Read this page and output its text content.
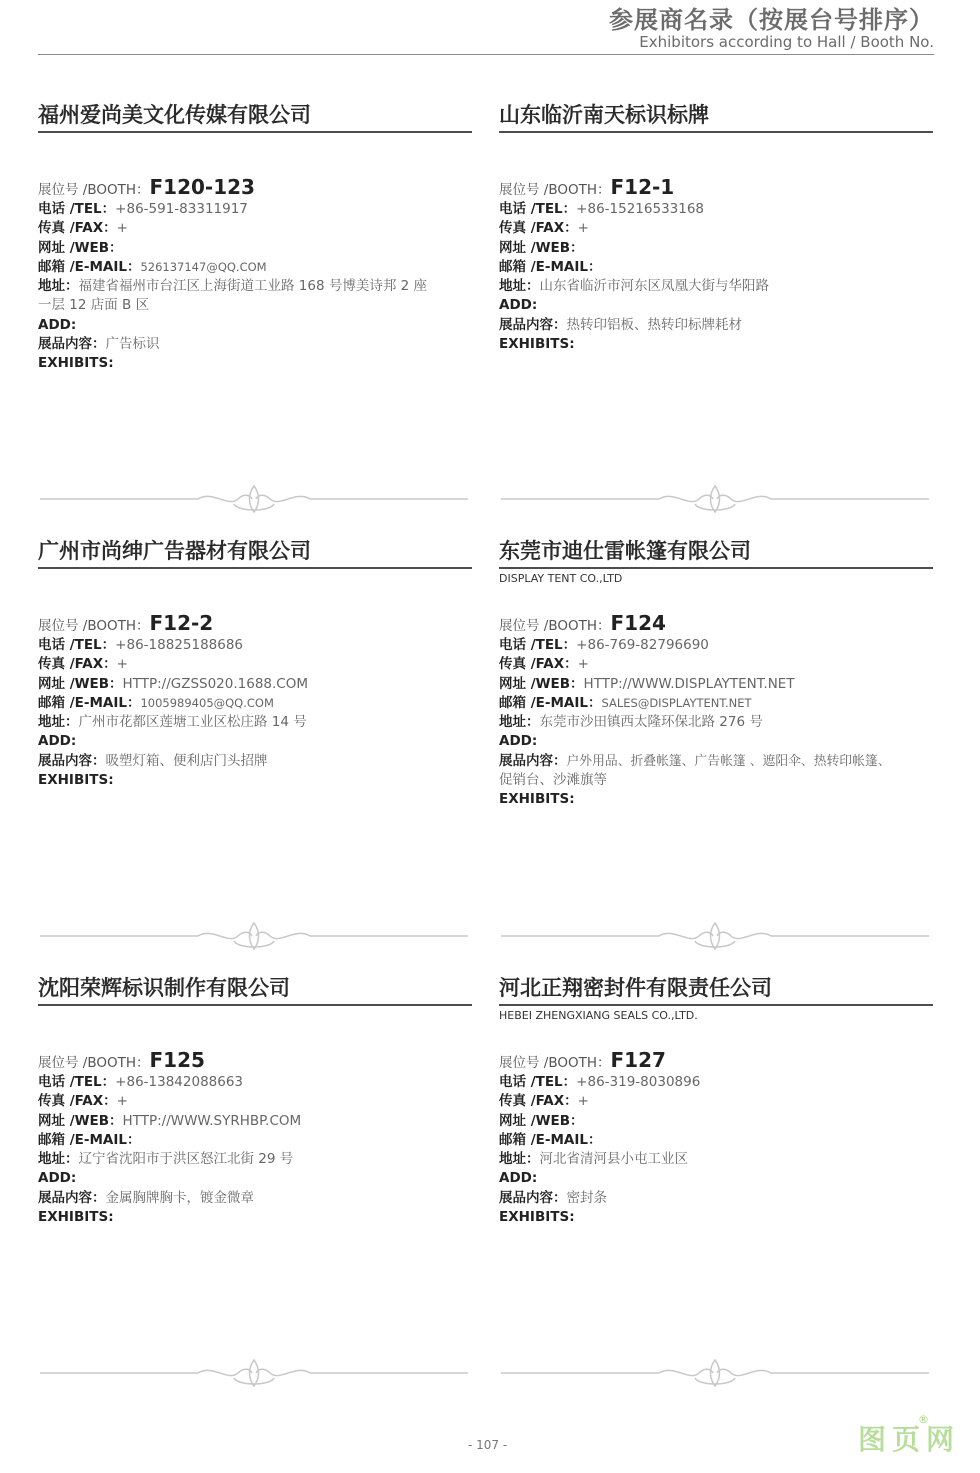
参展商名录（按展台号排序）
Exhibitors according to Hall / Booth No.
福州爱尚美文化传媒有限公司
展位号 /BOOTH：F120-123
电话 /TEL：+86-591-83311917
传真 /FAX：+
网址 /WEB：
邮箱 /E-MAIL：526137147@QQ.COM
地址：福建省福州市台江区上海街道工业路 168 号博美诗邦 2 座
一层 12 店面 B 区
ADD:
展品内容：广告标识
EXHIBITS:
山东临沂南天标识标牌
展位号 /BOOTH：F12-1
电话 /TEL：+86-15216533168
传真 /FAX：+
网址 /WEB：
邮箱 /E-MAIL：
地址：山东省临沂市河东区凤凰大街与华阳路
ADD:
展品内容：热转印铝板、热转印标牌耗材
EXHIBITS:
广州市尚绅广告器材有限公司
展位号 /BOOTH：F12-2
电话 /TEL：+86-18825188686
传真 /FAX：+
网址 /WEB：HTTP://GZSS020.1688.COM
邮箱 /E-MAIL：1005989405@QQ.COM
地址：广州市花都区莲塘工业区松庄路 14 号
ADD:
展品内容：吸塑灯箱、便利店门头招牌
EXHIBITS:
东莞市迪仕雷帐篷有限公司
DISPLAY TENT CO.,LTD
展位号 /BOOTH：F124
电话 /TEL：+86-769-82796690
传真 /FAX：+
网址 /WEB：HTTP://WWW.DISPLAYTENT.NET
邮箱 /E-MAIL：SALES@DISPLAYTENT.NET
地址：东莞市沙田镇西太隆环保北路 276 号
ADD:
展品内容：户外用品、折叠帐篷、广告帐篷 、遮阳伞、热转印帐篷、
促销台、沙滩旗等
EXHIBITS:
沈阳荣辉标识制作有限公司
展位号 /BOOTH：F125
电话 /TEL：+86-13842088663
传真 /FAX：+
网址 /WEB：HTTP://WWW.SYRHBP.COM
邮箱 /E-MAIL：
地址：辽宁省沈阳市于洪区怒江北街 29 号
ADD:
展品内容：金属胸牌胸卡，镀金微章
EXHIBITS:
河北正翔密封件有限责任公司
HEBEI ZHENGXIANG SEALS CO.,LTD.
展位号 /BOOTH：F127
电话 /TEL：+86-319-8030896
传真 /FAX：+
网址 /WEB：
邮箱 /E-MAIL：
地址：河北省清河县小屯工业区
ADD:
展品内容：密封条
EXHIBITS:
- 107 -	图页网
®
